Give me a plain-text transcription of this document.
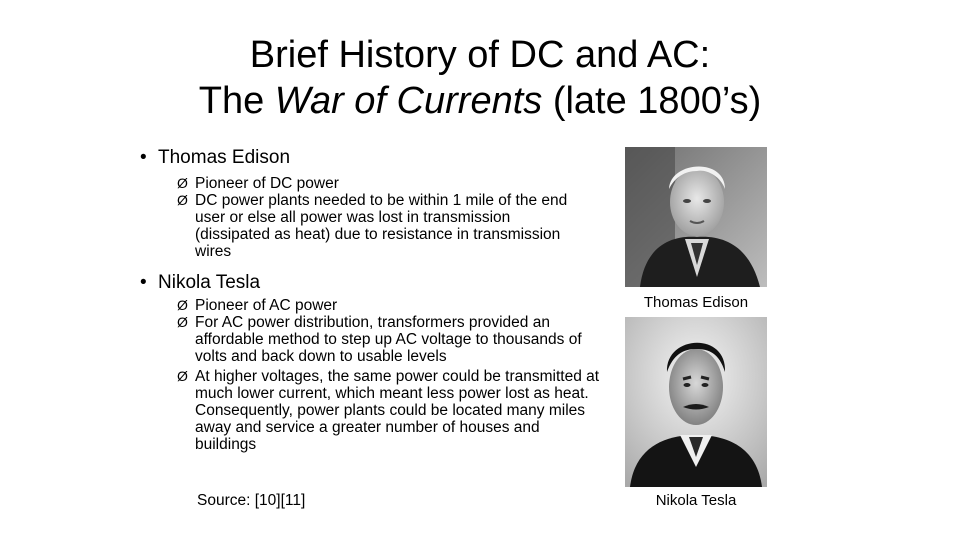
Brief History of DC and AC:
The War of Currents (late 1800’s)
• Thomas Edison

Ø Pioneer of DC power

Ø DC power plants needed to be within 1 mile of the end user or else all power was lost in transmission (dissipated as heat) due to resistance in transmission wires

• Nikola Tesla

Ø Pioneer of AC power

Ø For AC power distribution, transformers provided an affordable method to step up AC voltage to thousands of volts and back down to usable levels

Ø At higher voltages, the same power could be transmitted at much lower current, which meant less power lost as heat. Consequently, power plants could be located many miles away and service a greater number of houses and buildings

Source: [10][11]
Thomas Edison
Nikola Tesla
